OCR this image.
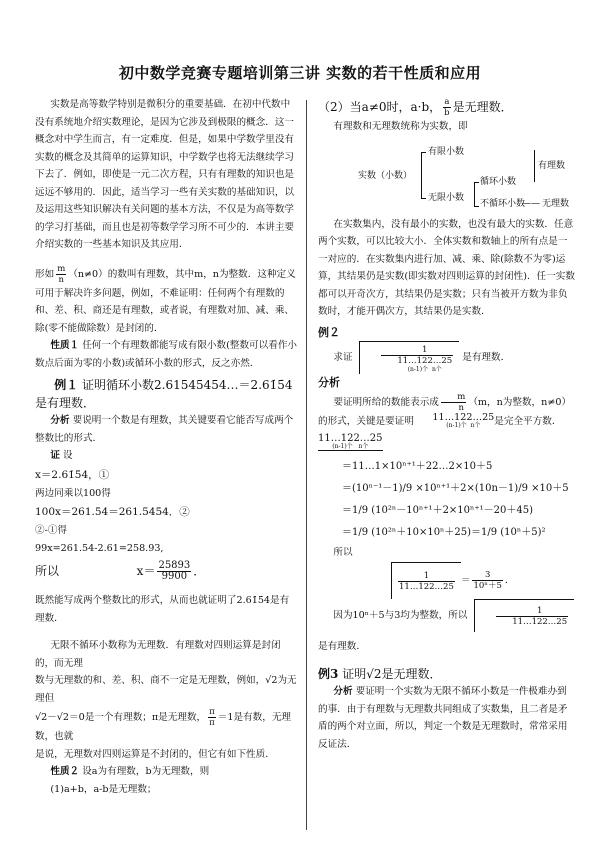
初中数学竞赛专题培训第三讲 实数的若干性质和应用

实数是高等数学特别是微积分的重要基础．在初中代数中没有系统地介绍实数理论，是因为它涉及到极限的概念．这一概念对中学生而言，有一定难度．但是，如果中学数学里没有实数的概念及其简单的运算知识，中学数学也将无法继续学习下去了．例如，即使是一元二次方程，只有有理数的知识也是远远不够用的．因此，适当学习一些有关实数的基础知识，以及运用这些知识解决有关问题的基本方法，不仅是为高等数学的学习打基础，而且也是初等数学学习所不可少的．本讲主要介绍实数的一些基本知识及其应用．

形如 $\frac{m}{n} (n\ne 0)$的数叫有理数，其中m，n为整数．这种定义可用于解决许多问题，例如，不难证明：任何两个有理数的和、差、积、商还是有理数，或者说，有理数对加、减、乘、除(零不能做除数）是封闭的．

性质１ 任何一个有理数都能写成有限小数(整数可以看作小数点后面为零的小数)或循环小数的形式，反之亦然．

例１ 证明循环小数2.61545454…＝2.61̇5̇4是有理数．

分析 要说明一个数是有理数，其关键要看它能否写成两个整数比的形式．

证 设

x＝2.61̇5̇4，①

两边同乘以100得

100x＝261.5̇4̇＝261.54̇5̇4．②

②-①得

99x=261.54-2.61=258.93,

所以	$x= \frac{25893}{9900}$ ．

既然能写成两个整数比的形式，从而也就证明了2.61̇5̇4是有理数．

无限不循环小数称为无理数．有理数对四则运算是封闭的，而无理

数与无理数的和、差、积、商不一定是无理数，例如，√2为无理但

√2－√2＝0是一个有理数；π是无理数， $\frac{\pi}{\pi} =1$是有数，无理数，也就

是说，无理数对四则运算是不封闭的，但它有如下性质．

性质２ 设a为有理数，b为无理数，则

(1)a+b，a-b是无理数；

（2）当a≠0时，a·b， $\frac{a}{b}$ 是无理数．

有理数和无理数统称为实数，即

实数（小数）
有限小数
无限小数
循环小数
不循环小数
有理数
—— 无理数

在实数集内，没有最小的实数，也没有最大的实数．任意两个实数，可以比较大小．全体实数和数轴上的所有点是一一对应的．在实数集内进行加、减、乘、除(除数不为零)运算，其结果仍是实数(即实数对四则运算的封闭性)．任一实数都可以开奇次方，其结果仍是实数；只有当被开方数为非负数时，才能开偶次方，其结果仍是实数．

例２

求证	1
11…122…25
(n-1)个 n个 是有理数．

分析

要证明所给的数能表示成 $\frac{m}{n} (m$，n为整数，n≠0）的形式，关键是要证明 11…122…25
(n-1)个  n个	是完全平方数．

11…122…25
(n-1)个   n个

＝11…1×10ⁿ⁺¹＋22…2×10＋5

＝(10ⁿ⁻¹－1)/9 ×10ⁿ⁺¹＋2×(10n－1)/9 ×10＋5

＝1/9 (10²ⁿ－10ⁿ⁺¹＋2×10ⁿ⁺¹－20＋45)

＝1/9 (10²ⁿ＋10×10ⁿ＋25)＝1/9 (10ⁿ＋5)²

所以

$\frac{1}{11\dots 122\dots 25} = \frac{3}{\text{10ⁿ＋5}}$ ．

因为10ⁿ＋5与3均为整数，所以	$\frac{1}{11\dots 122\dots 25}$
是有理数．

例3 证明√2是无理数．

分析 要证明一个实数为无限不循环小数是一件极难办到的事．由于有理数与无理数共同组成了实数集，且二者是矛盾的两个对立面，所以，判定一个数是无理数时，常常采用反证法．
